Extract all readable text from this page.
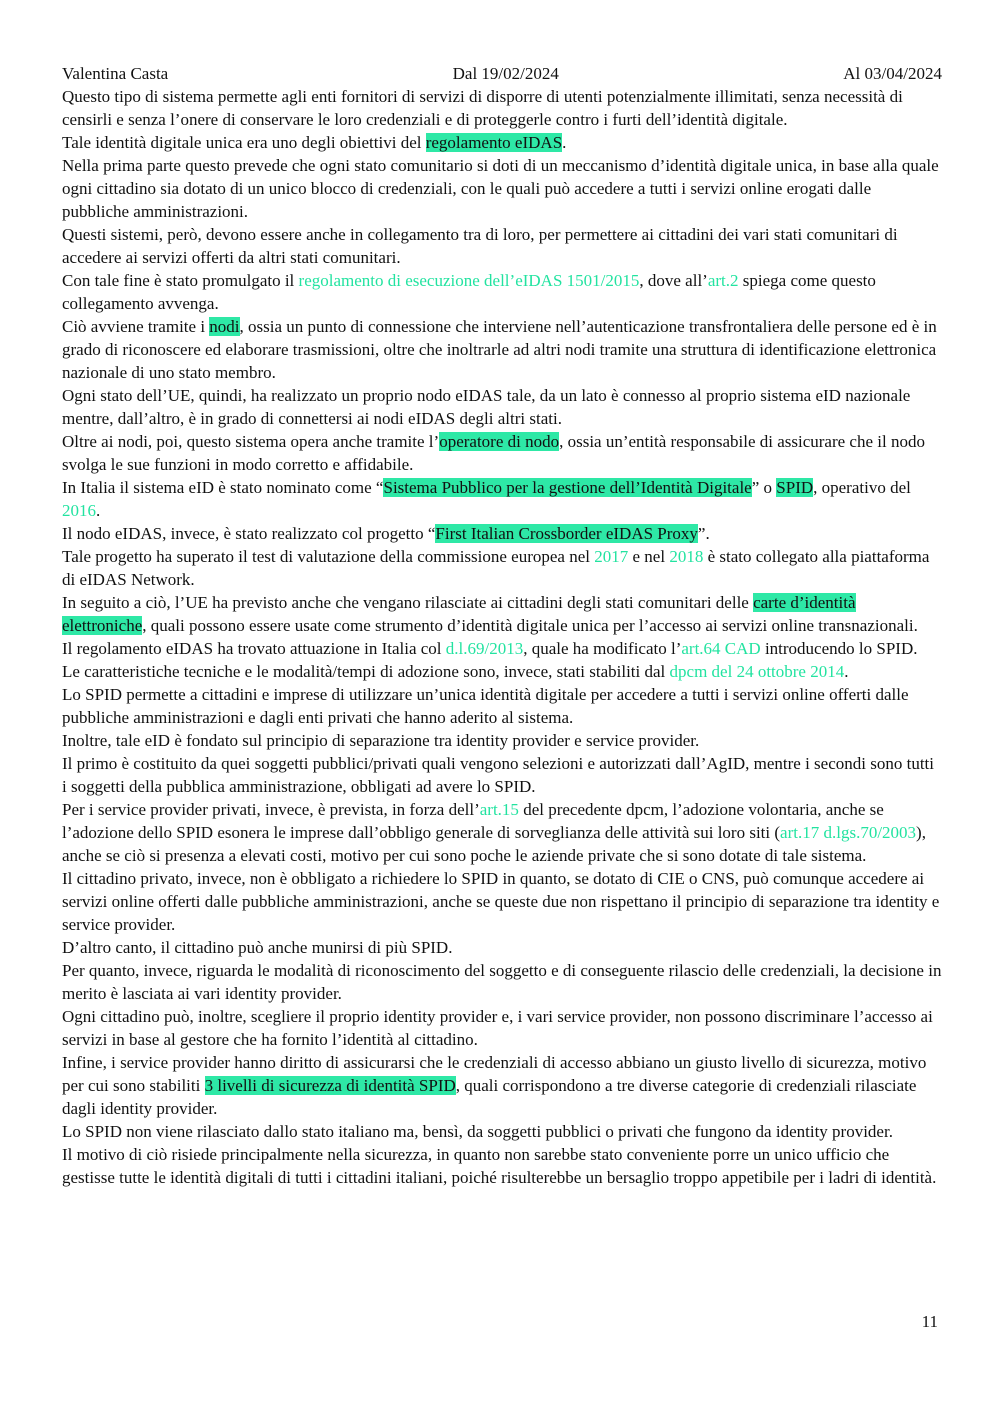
Valentina Casta	Dal 19/02/2024	Al 03/04/2024

Questo tipo di sistema permette agli enti fornitori di servizi di disporre di utenti potenzialmente illimitati, senza necessità di censirli e senza l’onere di conservare le loro credenziali e di proteggerle contro i furti dell’identità digitale.

Tale identità digitale unica era uno degli obiettivi del regolamento eIDAS.

Nella prima parte questo prevede che ogni stato comunitario si doti di un meccanismo d’identità digitale unica, in base alla quale ogni cittadino sia dotato di un unico blocco di credenziali, con le quali può accedere a tutti i servizi online erogati dalle pubbliche amministrazioni.

Questi sistemi, però, devono essere anche in collegamento tra di loro, per permettere ai cittadini dei vari stati comunitari di accedere ai servizi offerti da altri stati comunitari.

Con tale fine è stato promulgato il regolamento di esecuzione dell’eIDAS 1501/2015, dove all’art.2 spiega come questo collegamento avvenga.

Ciò avviene tramite i nodi, ossia un punto di connessione che interviene nell’autenticazione transfrontaliera delle persone ed è in grado di riconoscere ed elaborare trasmissioni, oltre che inoltrarle ad altri nodi tramite una struttura di identificazione elettronica nazionale di uno stato membro.

Ogni stato dell’UE, quindi, ha realizzato un proprio nodo eIDAS tale, da un lato è connesso al proprio sistema eID nazionale mentre, dall’altro, è in grado di connettersi ai nodi eIDAS degli altri stati.

Oltre ai nodi, poi, questo sistema opera anche tramite l’operatore di nodo, ossia un’entità responsabile di assicurare che il nodo svolga le sue funzioni in modo corretto e affidabile.

In Italia il sistema eID è stato nominato come “Sistema Pubblico per la gestione dell’Identità Digitale” o SPID, operativo del 2016.

Il nodo eIDAS, invece, è stato realizzato col progetto “First Italian Crossborder eIDAS Proxy”.

Tale progetto ha superato il test di valutazione della commissione europea nel 2017 e nel 2018 è stato collegato alla piattaforma di eIDAS Network.

In seguito a ciò, l’UE ha previsto anche che vengano rilasciate ai cittadini degli stati comunitari delle carte d’identità elettroniche, quali possono essere usate come strumento d’identità digitale unica per l’accesso ai servizi online transnazionali.

Il regolamento eIDAS ha trovato attuazione in Italia col d.l.69/2013, quale ha modificato l’art.64 CAD introducendo lo SPID.

Le caratteristiche tecniche e le modalità/tempi di adozione sono, invece, stati stabiliti dal dpcm del 24 ottobre 2014.

Lo SPID permette a cittadini e imprese di utilizzare un’unica identità digitale per accedere a tutti i servizi online offerti dalle pubbliche amministrazioni e dagli enti privati che hanno aderito al sistema.

Inoltre, tale eID è fondato sul principio di separazione tra identity provider e service provider.

Il primo è costituito da quei soggetti pubblici/privati quali vengono selezioni e autorizzati dall’AgID, mentre i secondi sono tutti i soggetti della pubblica amministrazione, obbligati ad avere lo SPID.

Per i service provider privati, invece, è prevista, in forza dell’art.15 del precedente dpcm, l’adozione volontaria, anche se l’adozione dello SPID esonera le imprese dall’obbligo generale di sorveglianza delle attività sui loro siti (art.17 d.lgs.70/2003), anche se ciò si presenza a elevati costi, motivo per cui sono poche le aziende private che si sono dotate di tale sistema.

Il cittadino privato, invece, non è obbligato a richiedere lo SPID in quanto, se dotato di CIE o CNS, può comunque accedere ai servizi online offerti dalle pubbliche amministrazioni, anche se queste due non rispettano il principio di separazione tra identity e service provider.

D’altro canto, il cittadino può anche munirsi di più SPID.

Per quanto, invece, riguarda le modalità di riconoscimento del soggetto e di conseguente rilascio delle credenziali, la decisione in merito è lasciata ai vari identity provider.

Ogni cittadino può, inoltre, scegliere il proprio identity provider e, i vari service provider, non possono discriminare l’accesso ai servizi in base al gestore che ha fornito l’identità al cittadino.

Infine, i service provider hanno diritto di assicurarsi che le credenziali di accesso abbiano un giusto livello di sicurezza, motivo per cui sono stabiliti 3 livelli di sicurezza di identità SPID, quali corrispondono a tre diverse categorie di credenziali rilasciate dagli identity provider.

Lo SPID non viene rilasciato dallo stato italiano ma, bensì, da soggetti pubblici o privati che fungono da identity provider.

Il motivo di ciò risiede principalmente nella sicurezza, in quanto non sarebbe stato conveniente porre un unico ufficio che gestisse tutte le identità digitali di tutti i cittadini italiani, poiché risulterebbe un bersaglio troppo appetibile per i ladri di identità.

11
